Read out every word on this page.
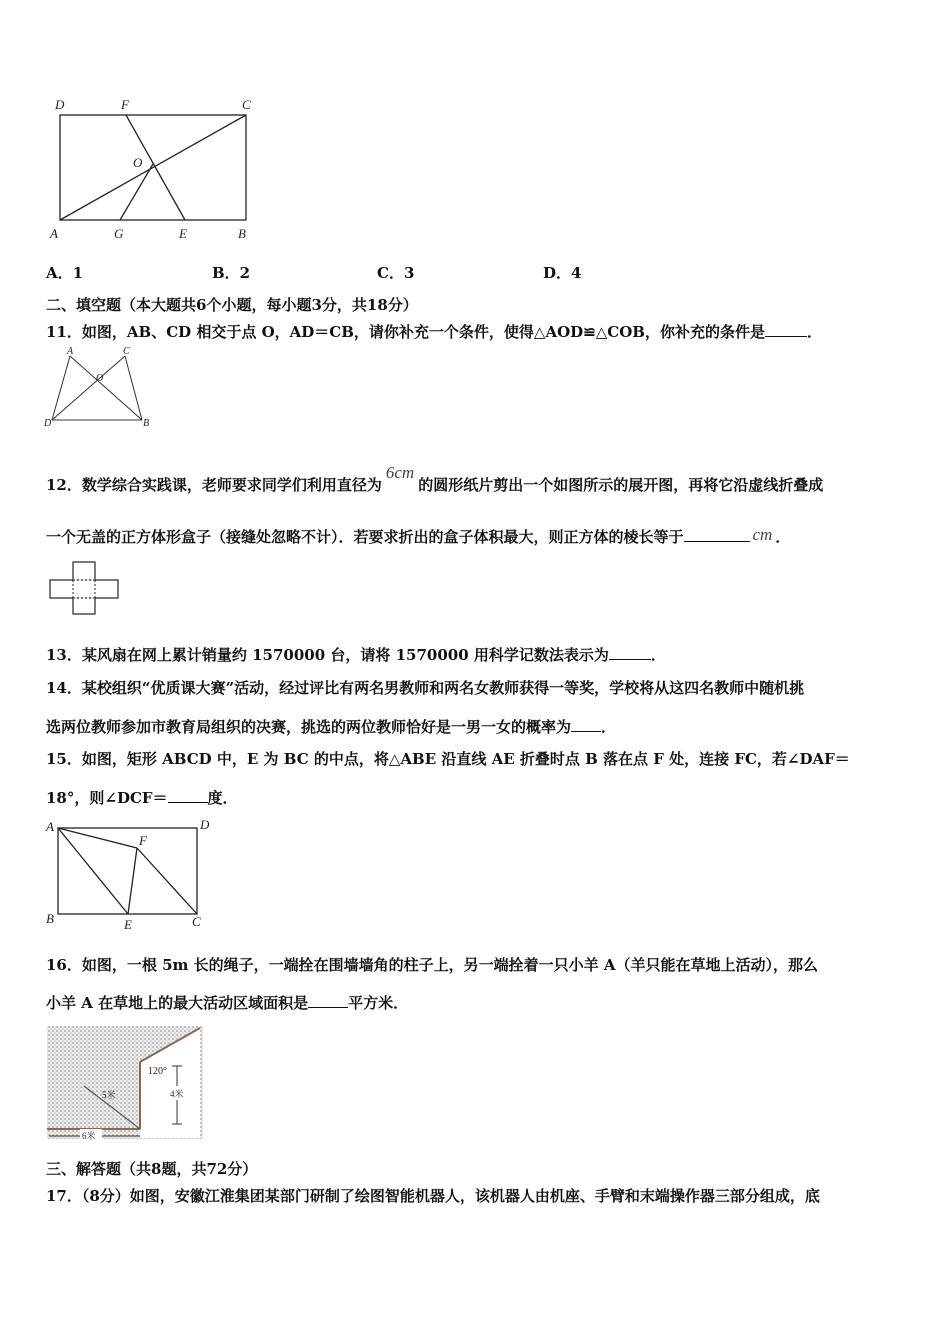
D	F	C
O
A	G	E	B
A．1	B．2	C．3	D．4
二、填空题（本大题共6个小题，每小题3分，共18分）
11．如图，AB、CD 相交于点 O，AD＝CB，请你补充一个条件，使得△AOD≌△COB，你补充的条件是	．
A	C
O
D	B
12．数学综合实践课，老师要求同学们利用直径为6cm的圆形纸片剪出一个如图所示的展开图，再将它沿虚线折叠成
一个无盖的正方体形盒子（接缝处忽略不计）．若要求折出的盒子体积最大，则正方体的棱长等于	cm ．
13．某风扇在网上累计销量约 1570000 台，请将 1570000 用科学记数法表示为	．
14．某校组织“优质课大赛”活动，经过评比有两名男教师和两名女教师获得一等奖，学校将从这四名教师中随机挑
选两位教师参加市教育局组织的决赛，挑选的两位教师恰好是一男一女的概率为 ．
15．如图，矩形 ABCD 中，E 为 BC 的中点，将△ABE 沿直线 AE 折叠时点 B 落在点 F 处，连接 FC，若∠DAF＝
18°，则∠DCF＝	度．
A	D
F
B	E	C
16．如图，一根 5m 长的绳子，一端拴在围墙墙角的柱子上，另一端拴着一只小羊 A（羊只能在草地上活动），那么
小羊 A 在草地上的最大活动区域面积是	平方米．
120°
4米
5米
6米
三、解答题（共8题，共72分）
17．（8分）如图，安徽江淮集团某部门研制了绘图智能机器人，该机器人由机座、手臂和末端操作器三部分组成，底
